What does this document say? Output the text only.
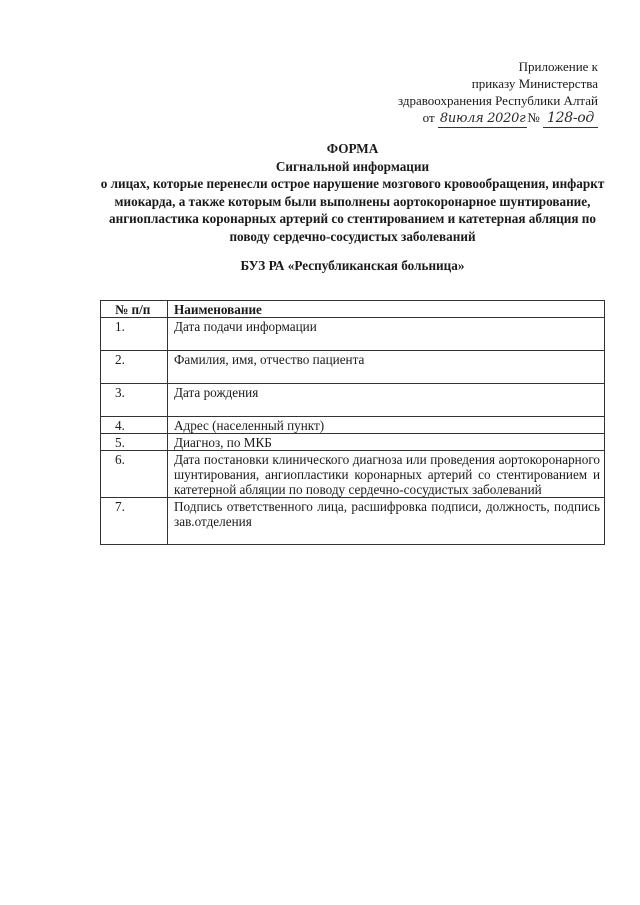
Приложение к
приказу Министерства
здравоохранения Республики Алтай
от 8июля 2020г № 128-од
ФОРМА
Сигнальной информации
о лицах, которые перенесли острое нарушение мозгового кровообращения, инфаркт миокарда, а также которым были выполнены аортокоронарное шунтирование, ангиопластика коронарных артерий со стентированием и катетерная абляция по поводу сердечно-сосудистых заболеваний
БУЗ РА «Республиканская больница»
№ п/п	Наименование
1.	Дата подачи информации
2.	Фамилия, имя, отчество пациента
3.	Дата рождения
4.	Адрес (населенный пункт)
5.	Диагноз, по МКБ
6.	Дата постановки клинического диагноза или проведения аортокоронарного шунтирования, ангиопластики коронарных артерий со стентированием и катетерной абляции по поводу сердечно-сосудистых заболеваний
7.	Подпись ответственного лица, расшифровка подписи, должность, подпись зав.отделения
